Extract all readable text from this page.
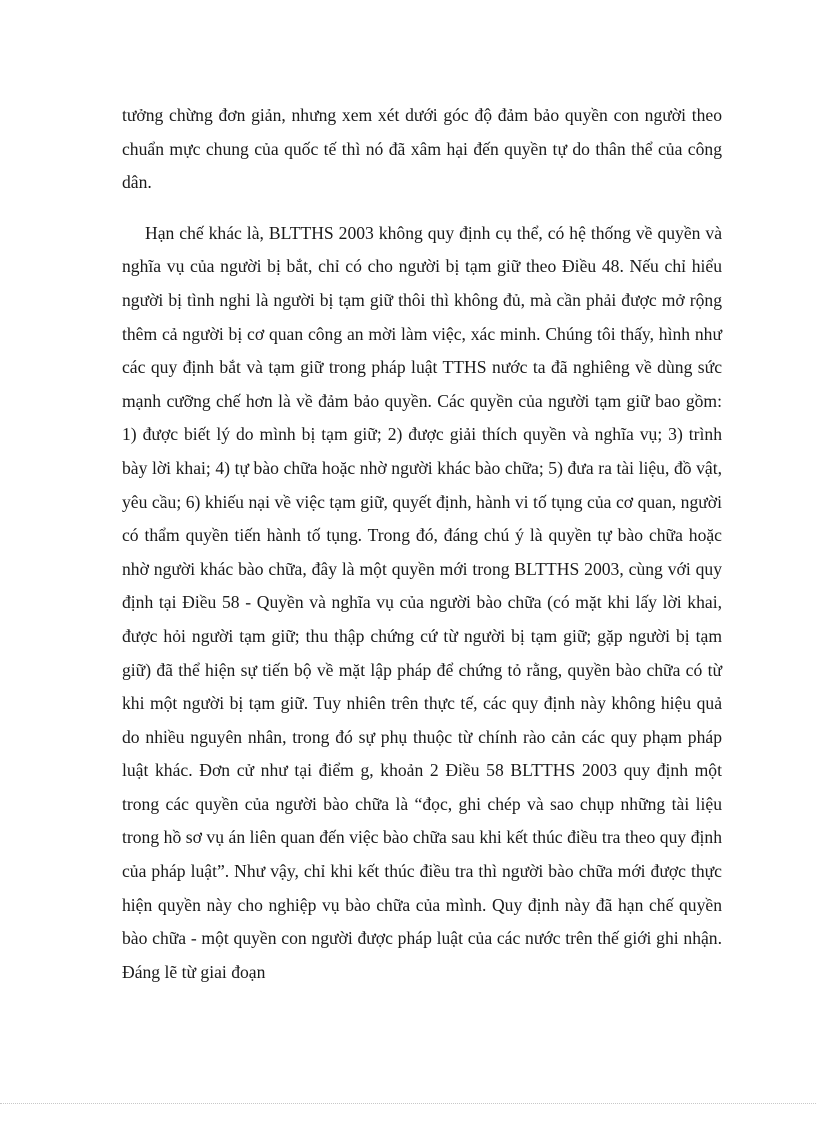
tưởng chừng đơn giản, nhưng xem xét dưới góc độ đảm bảo quyền con người theo chuẩn mực chung của quốc tế thì nó đã xâm hại đến quyền tự do thân thể của công dân.

Hạn chế khác là, BLTTHS 2003 không quy định cụ thể, có hệ thống về quyền và nghĩa vụ của người bị bắt, chỉ có cho người bị tạm giữ theo Điều 48. Nếu chỉ hiểu người bị tình nghi là người bị tạm giữ thôi thì không đủ, mà cần phải được mở rộng thêm cả người bị cơ quan công an mời làm việc, xác minh. Chúng tôi thấy, hình như các quy định bắt và tạm giữ trong pháp luật TTHS nước ta đã nghiêng về dùng sức mạnh cưỡng chế hơn là về đảm bảo quyền. Các quyền của người tạm giữ bao gồm: 1) được biết lý do mình bị tạm giữ; 2) được giải thích quyền và nghĩa vụ; 3) trình bày lời khai; 4) tự bào chữa hoặc nhờ người khác bào chữa; 5) đưa ra tài liệu, đồ vật, yêu cầu; 6) khiếu nại về việc tạm giữ, quyết định, hành vi tố tụng của cơ quan, người có thẩm quyền tiến hành tố tụng. Trong đó, đáng chú ý là quyền tự bào chữa hoặc nhờ người khác bào chữa, đây là một quyền mới trong BLTTHS 2003, cùng với quy định tại Điều 58 - Quyền và nghĩa vụ của người bào chữa (có mặt khi lấy lời khai, được hỏi người tạm giữ; thu thập chứng cứ từ người bị tạm giữ; gặp người bị tạm giữ) đã thể hiện sự tiến bộ về mặt lập pháp để chứng tỏ rằng, quyền bào chữa có từ khi một người bị tạm giữ. Tuy nhiên trên thực tế, các quy định này không hiệu quả do nhiều nguyên nhân, trong đó sự phụ thuộc từ chính rào cản các quy phạm pháp luật khác. Đơn cử như tại điểm g, khoản 2 Điều 58 BLTTHS 2003 quy định một trong các quyền của người bào chữa là “đọc, ghi chép và sao chụp những tài liệu trong hồ sơ vụ án liên quan đến việc bào chữa sau khi kết thúc điều tra theo quy định của pháp luật”. Như vậy, chỉ khi kết thúc điều tra thì người bào chữa mới được thực hiện quyền này cho nghiệp vụ bào chữa của mình. Quy định này đã hạn chế quyền bào chữa - một quyền con người được pháp luật của các nước trên thế giới ghi nhận. Đáng lẽ từ giai đoạn
